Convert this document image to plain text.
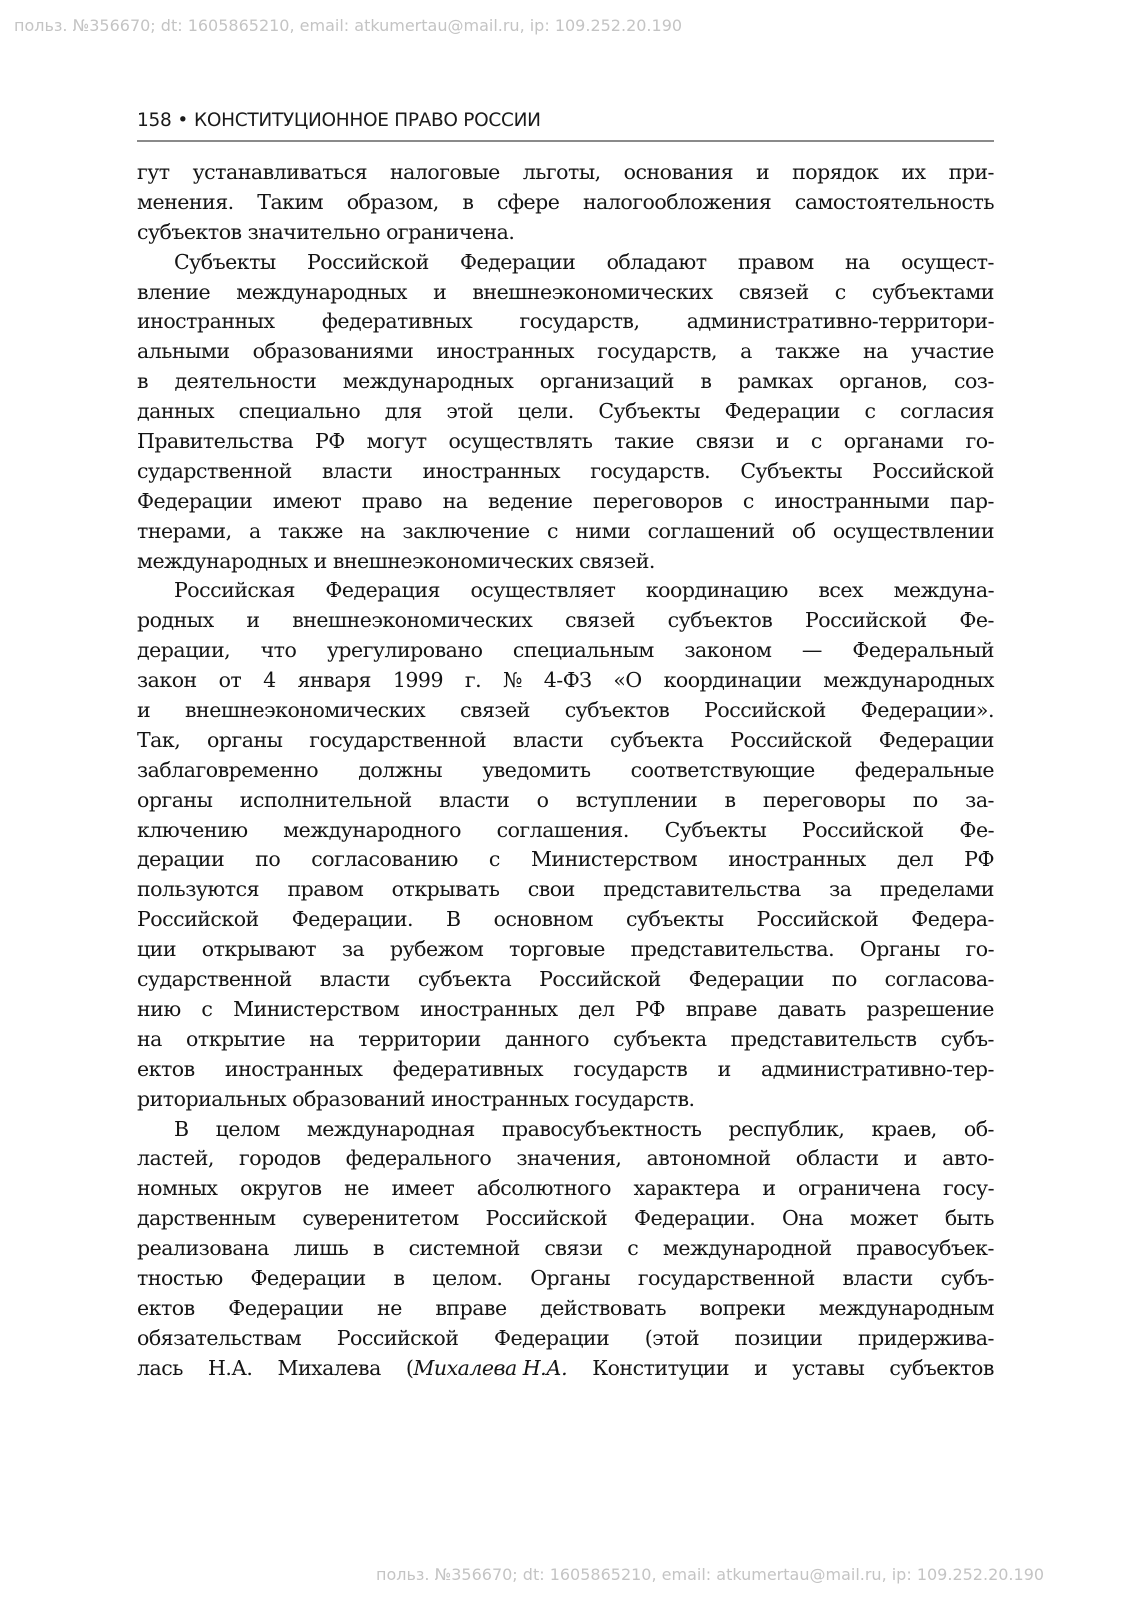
польз. №356670; dt: 1605865210, email: atkumertau@mail.ru, ip: 109.252.20.190
158 • КОНСТИТУЦИОННОЕ ПРАВО РОССИИ
гут устанавливаться налоговые льготы, основания и порядок их при-
менения. Таким образом, в сфере налогообложения самостоятельность
субъектов значительно ограничена.
Субъекты Российской Федерации обладают правом на осущест-
вление международных и внешнеэкономических связей с субъектами
иностранных федеративных государств, административно-территори-
альными образованиями иностранных государств, а также на участие
в деятельности международных организаций в рамках органов, соз-
данных специально для этой цели. Субъекты Федерации с согласия
Правительства РФ могут осуществлять такие связи и с органами го-
сударственной власти иностранных государств. Субъекты Российской
Федерации имеют право на ведение переговоров с иностранными пар-
тнерами, а также на заключение с ними соглашений об осуществлении
международных и внешнеэкономических связей.
Российская Федерация осуществляет координацию всех междуна-
родных и внешнеэкономических связей субъектов Российской Фе-
дерации, что урегулировано специальным законом — Федеральный
закон от 4 января 1999 г. № 4-ФЗ «О координации международных
и внешнеэкономических связей субъектов Российской Федерации».
Так, органы государственной власти субъекта Российской Федерации
заблаговременно должны уведомить соответствующие федеральные
органы исполнительной власти о вступлении в переговоры по за-
ключению международного соглашения. Субъекты Российской Фе-
дерации по согласованию с Министерством иностранных дел РФ
пользуются правом открывать свои представительства за пределами
Российской Федерации. В основном субъекты Российской Федера-
ции открывают за рубежом торговые представительства. Органы го-
сударственной власти субъекта Российской Федерации по согласова-
нию с Министерством иностранных дел РФ вправе давать разрешение
на открытие на территории данного субъекта представительств субъ-
ектов иностранных федеративных государств и административно-тер-
риториальных образований иностранных государств.
В целом международная правосубъектность республик, краев, об-
ластей, городов федерального значения, автономной области и авто-
номных округов не имеет абсолютного характера и ограничена госу-
дарственным суверенитетом Российской Федерации. Она может быть
реализована лишь в системной связи с международной правосубъек-
тностью Федерации в целом. Органы государственной власти субъ-
ектов Федерации не вправе действовать вопреки международным
обязательствам Российской Федерации (этой позиции придержива-
лась Н.А. Михалева (Михалева Н.А. Конституции и уставы субъектов
польз. №356670; dt: 1605865210, email: atkumertau@mail.ru, ip: 109.252.20.190
